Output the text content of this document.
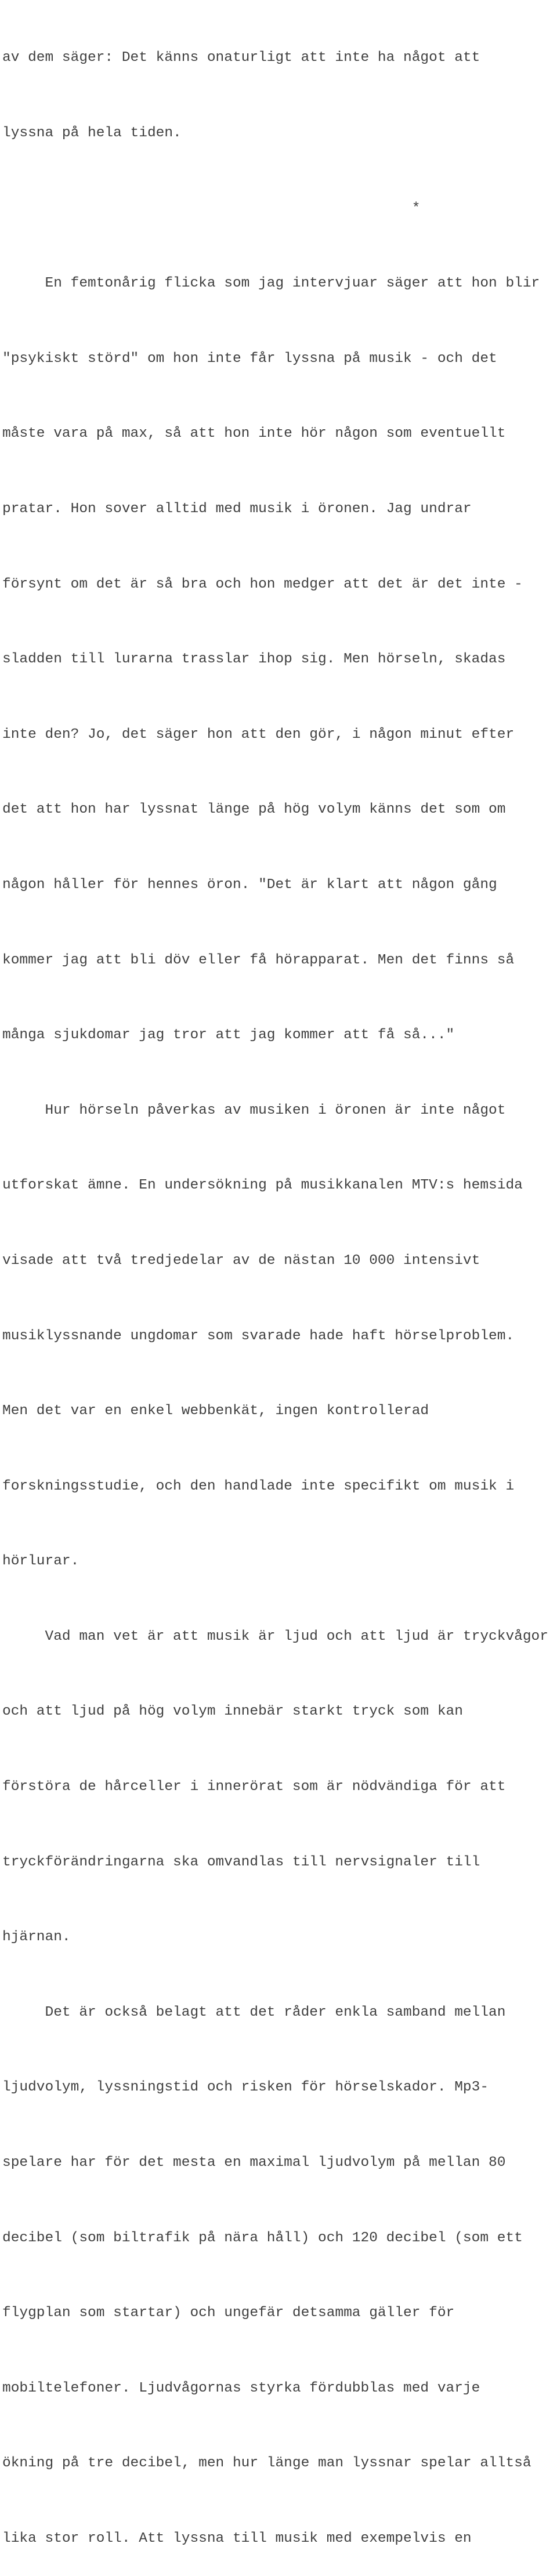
av dem säger: Det känns onaturligt att inte ha något att

lyssna på hela tiden.

*

En femtonårig flicka som jag intervjuar säger att hon blir

"psykiskt störd" om hon inte får lyssna på musik - och det

måste vara på max, så att hon inte hör någon som eventuellt

pratar. Hon sover alltid med musik i öronen. Jag undrar

försynt om det är så bra och hon medger att det är det inte -

sladden till lurarna trasslar ihop sig. Men hörseln, skadas

inte den? Jo, det säger hon att den gör, i någon minut efter

det att hon har lyssnat länge på hög volym känns det som om

någon håller för hennes öron. "Det är klart att någon gång

kommer jag att bli döv eller få hörapparat. Men det finns så

många sjukdomar jag tror att jag kommer att få så..."

Hur hörseln påverkas av musiken i öronen är inte något

utforskat ämne. En undersökning på musikkanalen MTV:s hemsida

visade att två tredjedelar av de nästan 10 000 intensivt

musiklyssnande ungdomar som svarade hade haft hörselproblem.

Men det var en enkel webbenkät, ingen kontrollerad

forskningsstudie, och den handlade inte specifikt om musik i

hörlurar.

Vad man vet är att musik är ljud och att ljud är tryckvågor

och att ljud på hög volym innebär starkt tryck som kan

förstöra de hårceller i innerörat som är nödvändiga för att

tryckförändringarna ska omvandlas till nervsignaler till

hjärnan.

Det är också belagt att det råder enkla samband mellan

ljudvolym, lyssningstid och risken för hörselskador. Mp3-

spelare har för det mesta en maximal ljudvolym på mellan 80

decibel (som biltrafik på nära håll) och 120 decibel (som ett

flygplan som startar) och ungefär detsamma gäller för

mobiltelefoner. Ljudvågornas styrka fördubblas med varje

ökning på tre decibel, men hur länge man lyssnar spelar alltså

lika stor roll. Att lyssna till musik med exempelvis en
